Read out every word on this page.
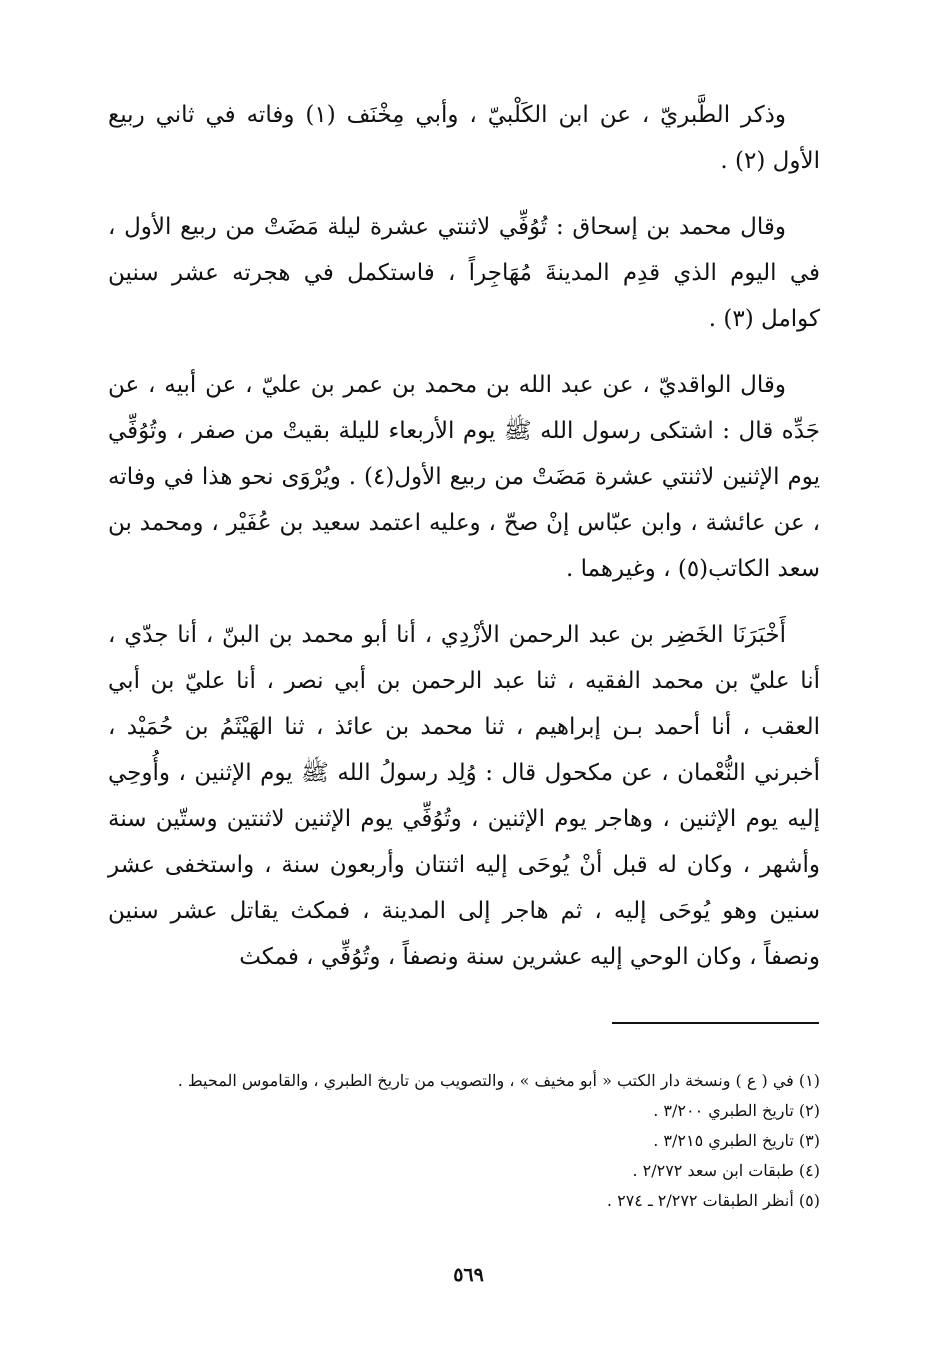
وذكر الطَّبريّ ، عن ابن الكَلْبيّ ، وأبي مِخْنَف (١) وفاته في ثاني ربيع الأول (٢) .

وقال محمد بن إسحاق : تُوُفِّي لاثنتي عشرة ليلة مَضَتْ من ربيع الأول ، في اليوم الذي قدِم المدينةَ مُهَاجِراً ، فاستكمل في هجرته عشر سنين كوامل (٣) .

وقال الواقديّ ، عن عبد الله بن محمد بن عمر بن عليّ ، عن أبيه ، عن جَدِّه قال : اشتكى رسول الله ﷺ يوم الأربعاء لليلة بقيتْ من صفر ، وتُوُفِّي يوم الإثنين لاثنتي عشرة مَضَتْ من ربيع الأول(٤) . ويُرْوَى نحو هذا في وفاته ، عن عائشة ، وابن عبّاس إنْ صحّ ، وعليه اعتمد سعيد بن عُفَيْر ، ومحمد بن سعد الكاتب(٥) ، وغيرهما .

أَخْبَرَنَا الخَضِر بن عبد الرحمن الأزْدِي ، أنا أبو محمد بن البنّ ، أنا جدّي ، أنا عليّ بن محمد الفقيه ، ثنا عبد الرحمن بن أبي نصر ، أنا عليّ بن أبي العقب ، أنا أحمد بـن إبراهيم ، ثنا محمد بن عائذ ، ثنا الهَيْثَمُ بن حُمَيْد ، أخبرني النُّعْمان ، عن مكحول قال : وُلِد رسولُ الله ﷺ يوم الإثنين ، وأُوحِي إليه يوم الإثنين ، وهاجر يوم الإثنين ، وتُوُفِّي يوم الإثنين لاثنتين وستّين سنة وأشهر ، وكان له قبل أنْ يُوحَى إليه اثنتان وأربعون سنة ، واستخفى عشر سنين وهو يُوحَى إليه ، ثم هاجر إلى المدينة ، فمكث يقاتل عشر سنين ونصفاً ، وكان الوحي إليه عشرين سنة ونصفاً ، وتُوُفِّي ، فمكث

(١) في ( ع ) ونسخة دار الكتب « أبو مخيف » ، والتصويب من تاريخ الطبري ، والقاموس المحيط .
(٢) تاريخ الطبري ٣/٢٠٠ .
(٣) تاريخ الطبري ٣/٢١٥ .
(٤) طبقات ابن سعد ٢/٢٧٢ .
(٥) أنظر الطبقات ٢/٢٧٢ ـ ٢٧٤ .
٥٦٩
